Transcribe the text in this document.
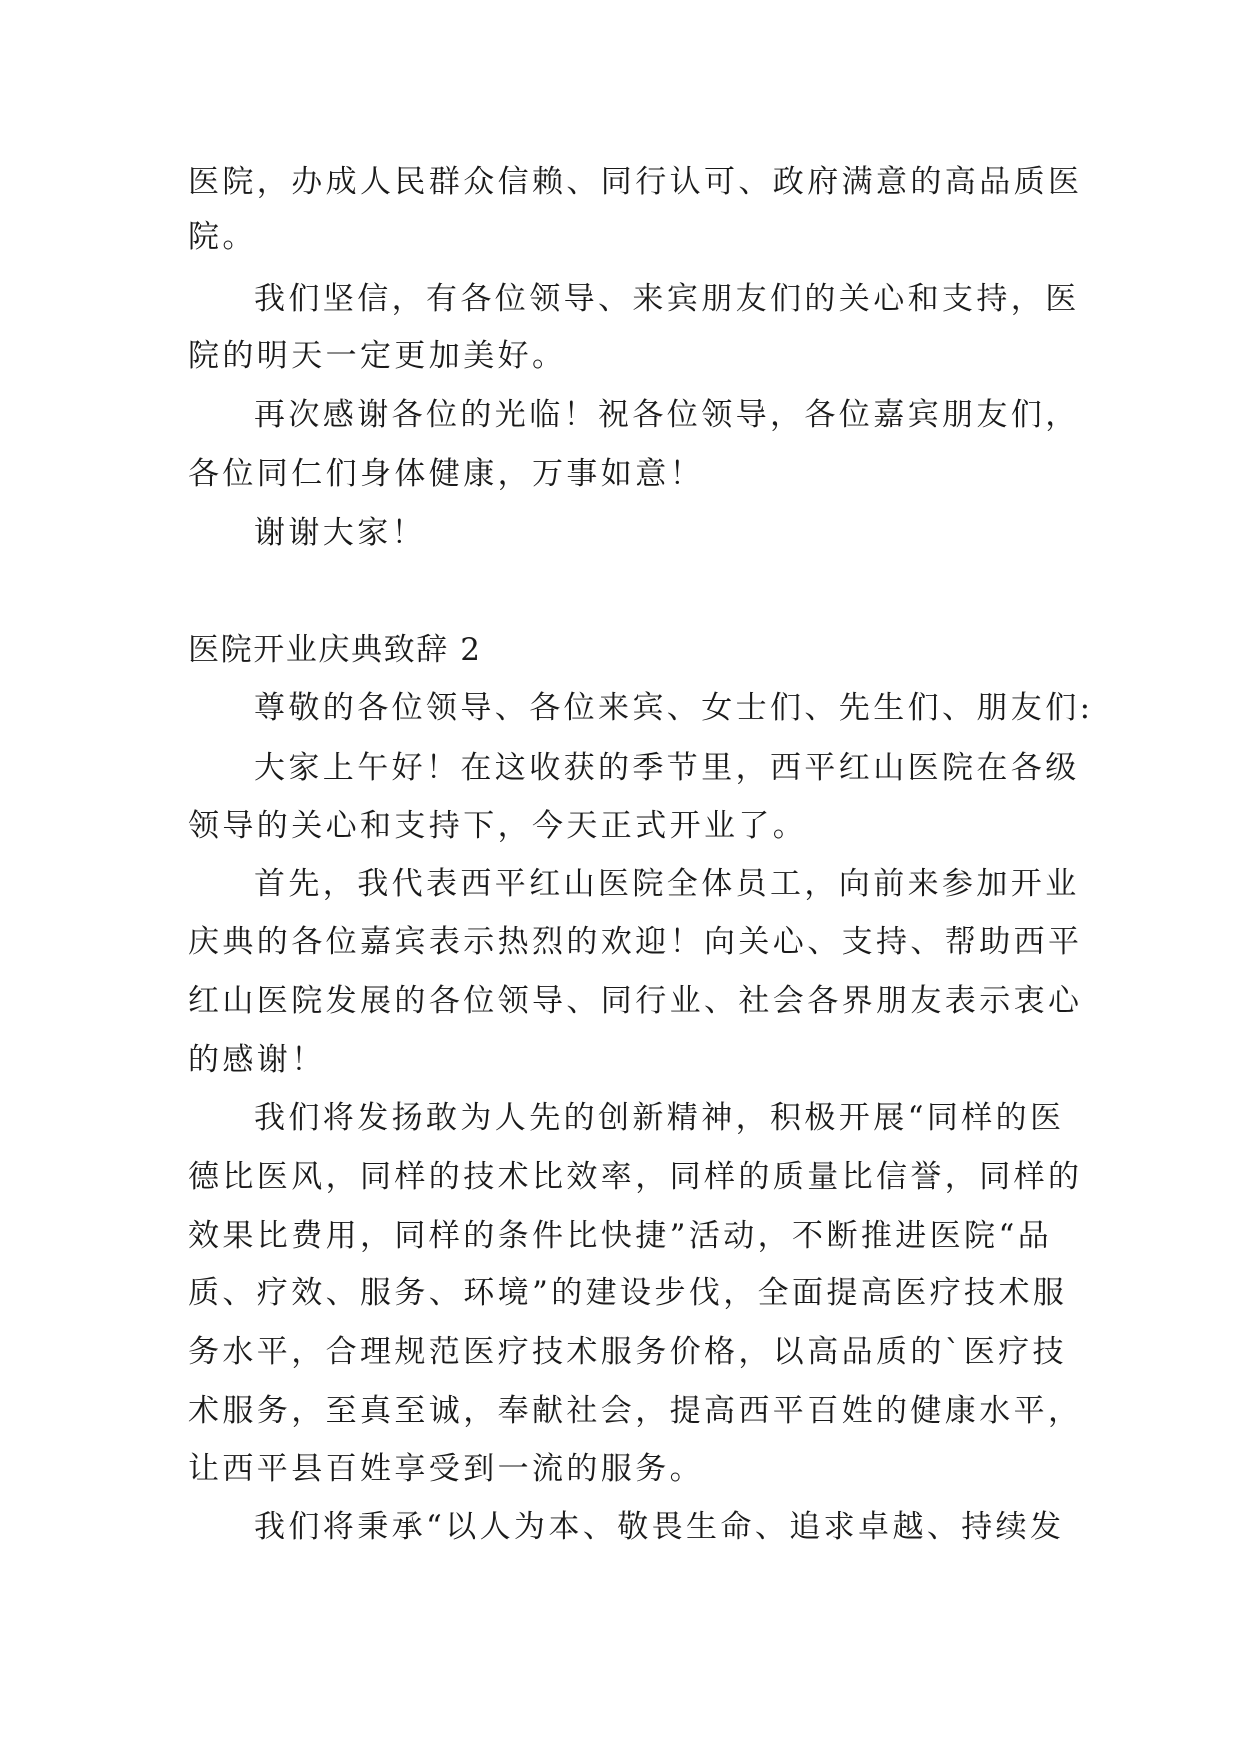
医院，办成人民群众信赖、同行认可、政府满意的高品质医

院。

我们坚信，有各位领导、来宾朋友们的关心和支持，医

院的明天一定更加美好。

再次感谢各位的光临！祝各位领导，各位嘉宾朋友们，

各位同仁们身体健康，万事如意！

谢谢大家！

医院开业庆典致辞 2

尊敬的各位领导、各位来宾、女士们、先生们、朋友们:

大家上午好！在这收获的季节里，西平红山医院在各级

领导的关心和支持下，今天正式开业了。

首先，我代表西平红山医院全体员工，向前来参加开业

庆典的各位嘉宾表示热烈的欢迎！向关心、支持、帮助西平

红山医院发展的各位领导、同行业、社会各界朋友表示衷心

的感谢！

我们将发扬敢为人先的创新精神，积极开展“同样的医

德比医风，同样的技术比效率，同样的质量比信誉，同样的

效果比费用，同样的条件比快捷”活动，不断推进医院“品

质、疗效、服务、环境”的建设步伐，全面提高医疗技术服

务水平，合理规范医疗技术服务价格，以高品质的`医疗技

术服务，至真至诚，奉献社会，提高西平百姓的健康水平，

让西平县百姓享受到一流的服务。

我们将秉承“以人为本、敬畏生命、追求卓越、持续发
